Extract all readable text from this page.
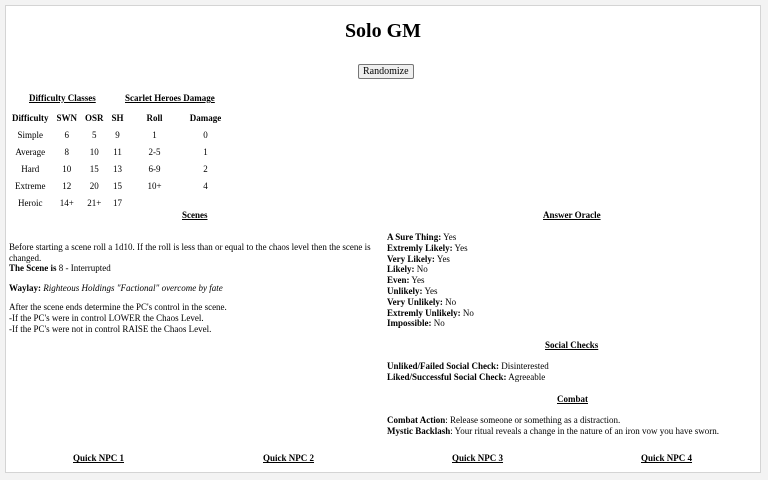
Solo GM
Randomize
Difficulty Classes	Scarlet Heroes Damage
Difficulty	SWN	OSR	SH		Roll		Damage
Simple	6	5	9		1		0
Average	8	10	11		2-5		1
Hard	10	15	13		6-9		2
Extreme	12	20	15		10+		4
Heroic	14+	21+	17				
Scenes

Before starting a scene roll a 1d10. If the roll is less than or equal to the chaos level then the scene is changed.

The Scene is 8 - Interrupted

Waylay: Righteous Holdings "Factional" overcome by fate

After the scene ends determine the PC's control in the scene.

-If the PC's were in control LOWER the Chaos Level.

-If the PC's were not in control RAISE the Chaos Level.

Answer Oracle

A Sure Thing: Yes

Extremly Likely: Yes

Very Likely: Yes

Likely: No

Even: Yes

Unlikely: Yes

Very Unlikely: No

Extremly Unlikely: No

Impossible: No

Social Checks

Unliked/Failed Social Check: Disinterested

Liked/Successful Social Check: Agreeable

Combat

Combat Action: Release someone or something as a distraction.

Mystic Backlash: Your ritual reveals a change in the nature of an iron vow you have sworn.

Quick NPC 1	Quick NPC 2	Quick NPC 3	Quick NPC 4
